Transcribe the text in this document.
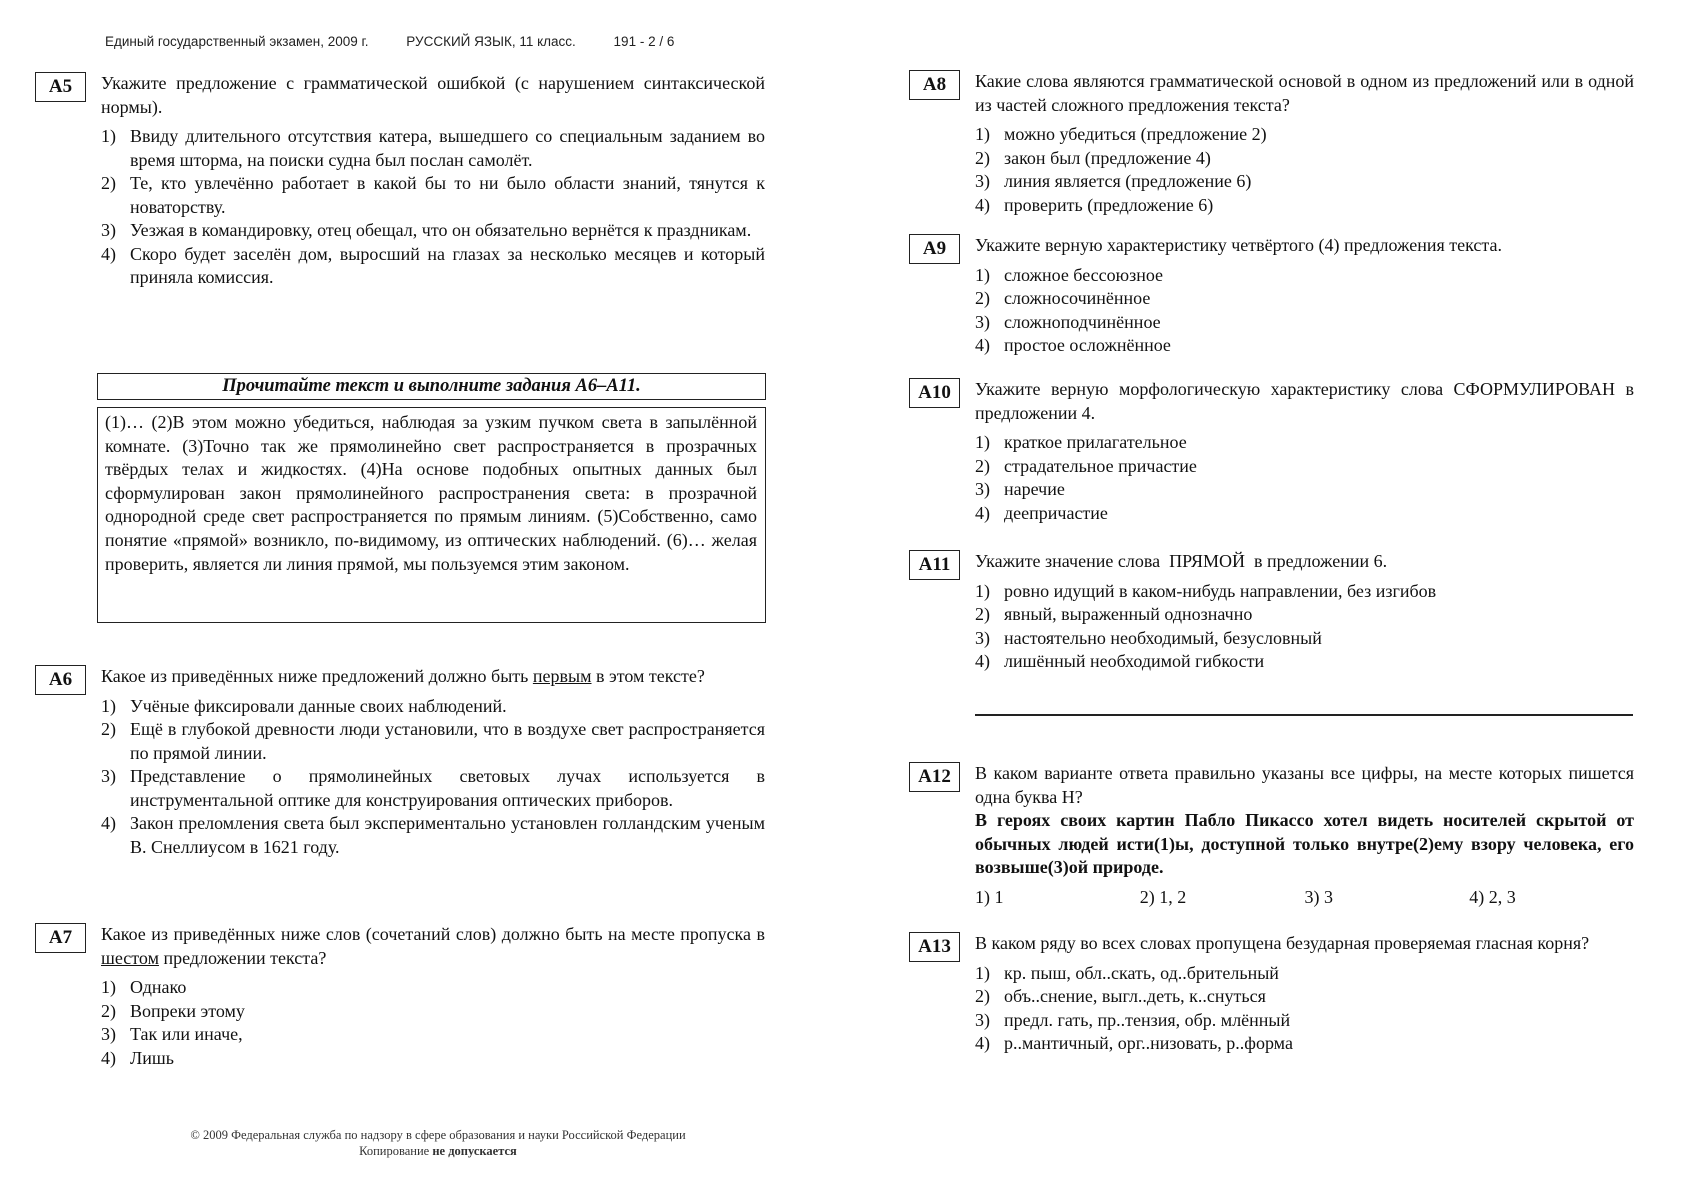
Единый государственный экзамен, 2009 г.	РУССКИЙ ЯЗЫК, 11 класс.	191 - 2 / 6
А5	Укажите предложение с грамматической ошибкой (с нарушением синтаксической нормы).
1) Ввиду длительного отсутствия катера, вышедшего со специальным заданием во время шторма, на поиски судна был послан самолёт.
2) Те, кто увлечённо работает в какой бы то ни было области знаний, тянутся к новаторству.
3) Уезжая в командировку, отец обещал, что он обязательно вернётся к праздникам.
4) Скоро будет заселён дом, выросший на глазах за несколько месяцев и который приняла комиссия.
Прочитайте текст и выполните задания А6–А11.
(1)… (2)В этом можно убедиться, наблюдая за узким пучком света в запылённой комнате. (3)Точно так же прямолинейно свет распространяется в прозрачных твёрдых телах и жидкостях. (4)На основе подобных опытных данных был сформулирован закон прямолинейного распространения света: в прозрачной однородной среде свет распространяется по прямым линиям. (5)Собственно, само понятие «прямой» возникло, по-видимому, из оптических наблюдений. (6)… желая проверить, является ли линия прямой, мы пользуемся этим законом.
А6	Какое из приведённых ниже предложений должно быть первым в этом тексте?
1) Учёные фиксировали данные своих наблюдений.
2) Ещё в глубокой древности люди установили, что в воздухе свет распространяется по прямой линии.
3) Представление о прямолинейных световых лучах используется в инструментальной оптике для конструирования оптических приборов.
4) Закон преломления света был экспериментально установлен голландским ученым В. Снеллиусом в 1621 году.
А7	Какое из приведённых ниже слов (сочетаний слов) должно быть на месте пропуска в шестом предложении текста?
1) Однако
2) Вопреки этому
3) Так или иначе,
4) Лишь
А8	Какие слова являются грамматической основой в одном из предложений или в одной из частей сложного предложения текста?
1) можно убедиться (предложение 2)
2) закон был (предложение 4)
3) линия является (предложение 6)
4) проверить (предложение 6)
А9	Укажите верную характеристику четвёртого (4) предложения текста.
1) сложное бессоюзное
2) сложносочинённое
3) сложноподчинённое
4) простое осложнённое
А10	Укажите верную морфологическую характеристику слова СФОРМУЛИРОВАН в предложении 4.
1) краткое прилагательное
2) страдательное причастие
3) наречие
4) деепричастие
А11	Укажите значение слова  ПРЯМОЙ  в предложении 6.
1) ровно идущий в каком-нибудь направлении, без изгибов
2) явный, выраженный однозначно
3) настоятельно необходимый, безусловный
4) лишённый необходимой гибкости
А12	В каком варианте ответа правильно указаны все цифры, на месте которых пишется одна буква Н?
В героях своих картин Пабло Пикассо хотел видеть носителей скрытой от обычных людей исти(1)ы, доступной только внутре(2)ему взору человека, его возвыше(3)ой природе.
1) 1	2) 1, 2	3) 3	4) 2, 3
А13	В каком ряду во всех словах пропущена безударная проверяемая гласная корня?
1) кр. пыш, обл..скать, од..брительный
2) объ..снение, выгл..деть, к..снуться
3) предл. гать, пр..тензия, обр. млённый
4) р..мантичный, орг..низовать, р..форма
© 2009 Федеральная служба по надзору в сфере образования и науки Российской Федерации
Копирование не допускается
